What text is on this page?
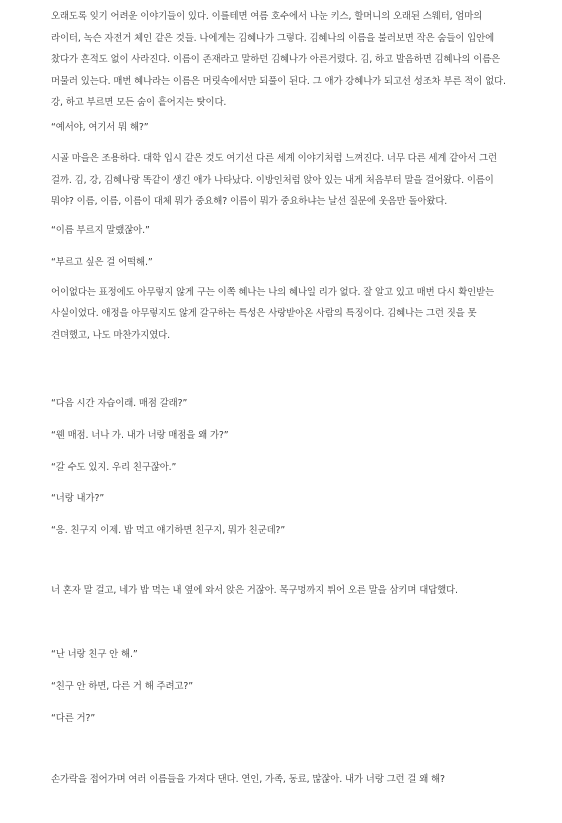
오래도록 잊기 어려운 이야기들이 있다. 이를테면 여름 호수에서 나눈 키스, 할머니의 오래된 스웨터, 엄마의 라이터, 녹슨 자전거 체인 같은 것들. 나에게는 김혜나가 그렇다. 김혜나의 이름을 불러보면 작은 숨들이 입안에 찼다가 흔적도 없이 사라진다. 이름이 존재라고 말하던 김혜나가 아른거렸다. 김, 하고 발음하면 김혜나의 이름은 머물러 있는다. 매번 혜나라는 이름은 머릿속에서만 되풀이 된다. 그 애가 강혜나가 되고선 성조차 부른 적이 없다. 강, 하고 부르면 모든 숨이 흩어지는 탓이다.

“예서야, 여기서 뭐 해?”

시골 마을은 조용하다. 대학 입시 같은 것도 여기선 다른 세계 이야기처럼 느껴진다. 너무 다른 세계 같아서 그런 걸까. 김, 강, 김혜나랑 똑같이 생긴 애가 나타났다. 이방인처럼 앉아 있는 내게 처음부터 말을 걸어왔다. 이름이 뭐야? 이름, 이름, 이름이 대체 뭐가 중요해? 이름이 뭐가 중요하냐는 날선 질문에 웃음만 돌아왔다.

“이름 부르지 말랬잖아.”

“부르고 싶은 걸 어떡해.”

어이없다는 표정에도 아무렇지 않게 구는 이쪽 혜나는 나의 혜나일 리가 없다. 잘 알고 있고 매번 다시 확인받는 사실이었다. 애정을 아무렇지도 않게 갈구하는 특성은 사랑받아온 사람의 특징이다. 김혜나는 그런 짓을 못 견뎌했고, 나도 마찬가지였다.

“다음 시간 자습이래. 매점 갈래?”

“웬 매점. 너나 가. 내가 너랑 매점을 왜 가?”

“갈 수도 있지. 우리 친구잖아.”

“너랑 내가?”

“응. 친구지 이제. 밥 먹고 얘기하면 친구지, 뭐가 친군데?”

너 혼자 말 걸고, 네가 밥 먹는 내 옆에 와서 앉은 거잖아. 목구멍까지 튀어 오른 말을 삼키며 대답했다.

“난 너랑 친구 안 해.”

“친구 안 하면, 다른 거 해 주려고?”

“다른 거?”

손가락을 접어가며 여러 이름들을 가져다 댄다. 연인, 가족, 동료, 많잖아. 내가 너랑 그런 걸 왜 해?
